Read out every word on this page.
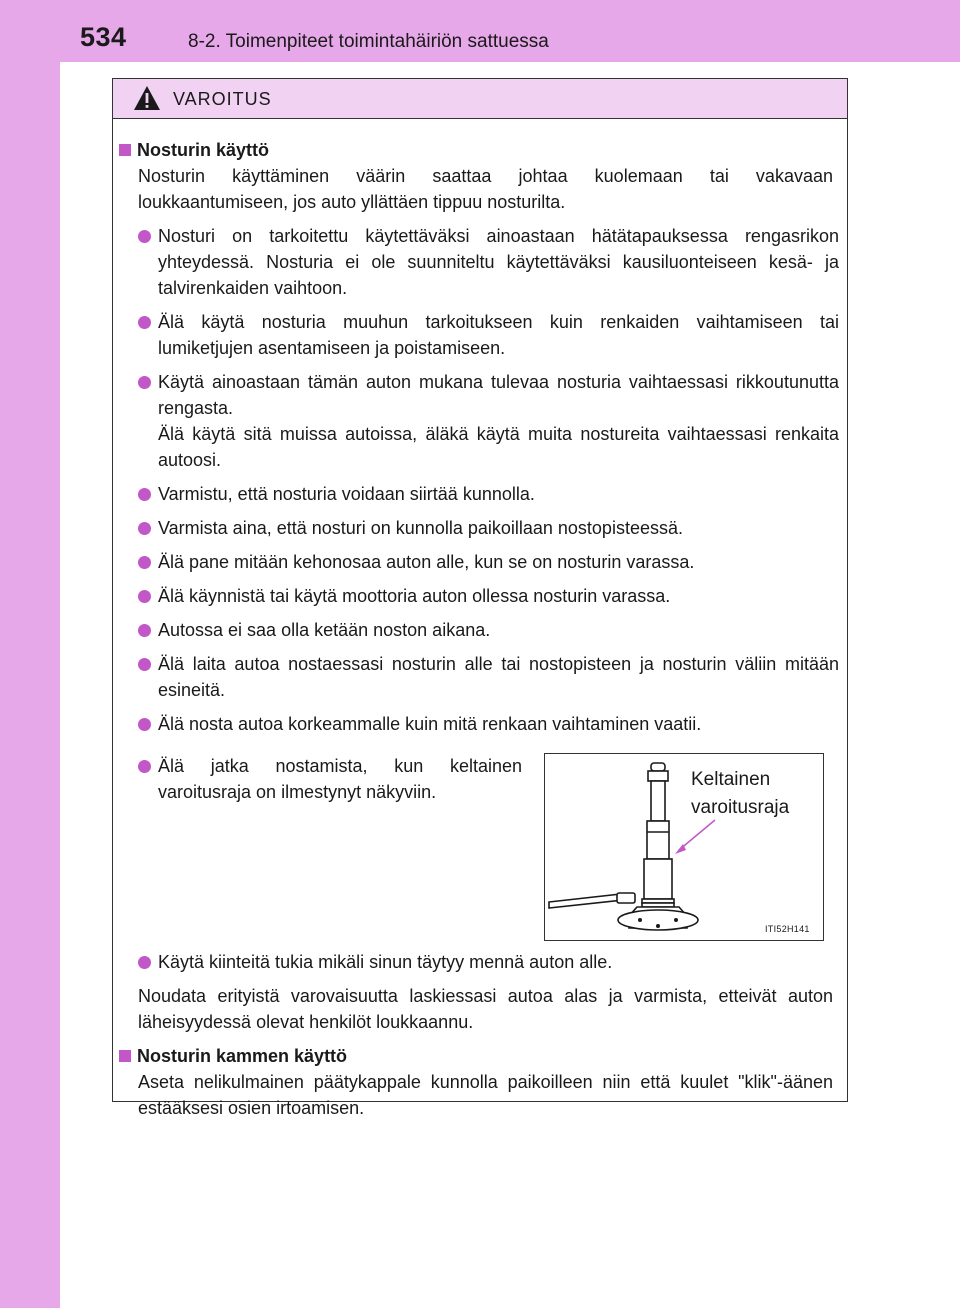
534	8-2. Toimenpiteet toimintahäiriön sattuessa
VAROITUS
Nosturin käyttö
Nosturin käyttäminen väärin saattaa johtaa kuolemaan tai vakavaan loukkaantumiseen, jos auto yllättäen tippuu nosturilta.
Nosturi on tarkoitettu käytettäväksi ainoastaan hätätapauksessa rengasrikon yhteydessä. Nosturia ei ole suunniteltu käytettäväksi kausiluonteiseen kesä- ja talvirenkaiden vaihtoon.
Älä käytä nosturia muuhun tarkoitukseen kuin renkaiden vaihtamiseen tai lumiketjujen asentamiseen ja poistamiseen.
Käytä ainoastaan tämän auton mukana tulevaa nosturia vaihtaessasi rikkoutunutta rengasta.
Älä käytä sitä muissa autoissa, äläkä käytä muita nostureita vaihtaessasi renkaita autoosi.
Varmistu, että nosturia voidaan siirtää kunnolla.
Varmista aina, että nosturi on kunnolla paikoillaan nostopisteessä.
Älä pane mitään kehonosaa auton alle, kun se on nosturin varassa.
Älä käynnistä tai käytä moottoria auton ollessa nosturin varassa.
Autossa ei saa olla ketään noston aikana.
Älä laita autoa nostaessasi nosturin alle tai nostopisteen ja nosturin väliin mitään esineitä.
Älä nosta autoa korkeammalle kuin mitä renkaan vaihtaminen vaatii.
Älä jatka nostamista, kun keltainen varoitusraja on ilmestynyt näkyviin.
Keltainen
varoitusraja
ITI52H141
Käytä kiinteitä tukia mikäli sinun täytyy mennä auton alle.
Noudata erityistä varovaisuutta laskiessasi autoa alas ja varmista, etteivät auton läheisyydessä olevat henkilöt loukkaannu.
Nosturin kammen käyttö
Aseta nelikulmainen päätykappale kunnolla paikoilleen niin että kuulet "klik"-äänen estääksesi osien irtoamisen.
